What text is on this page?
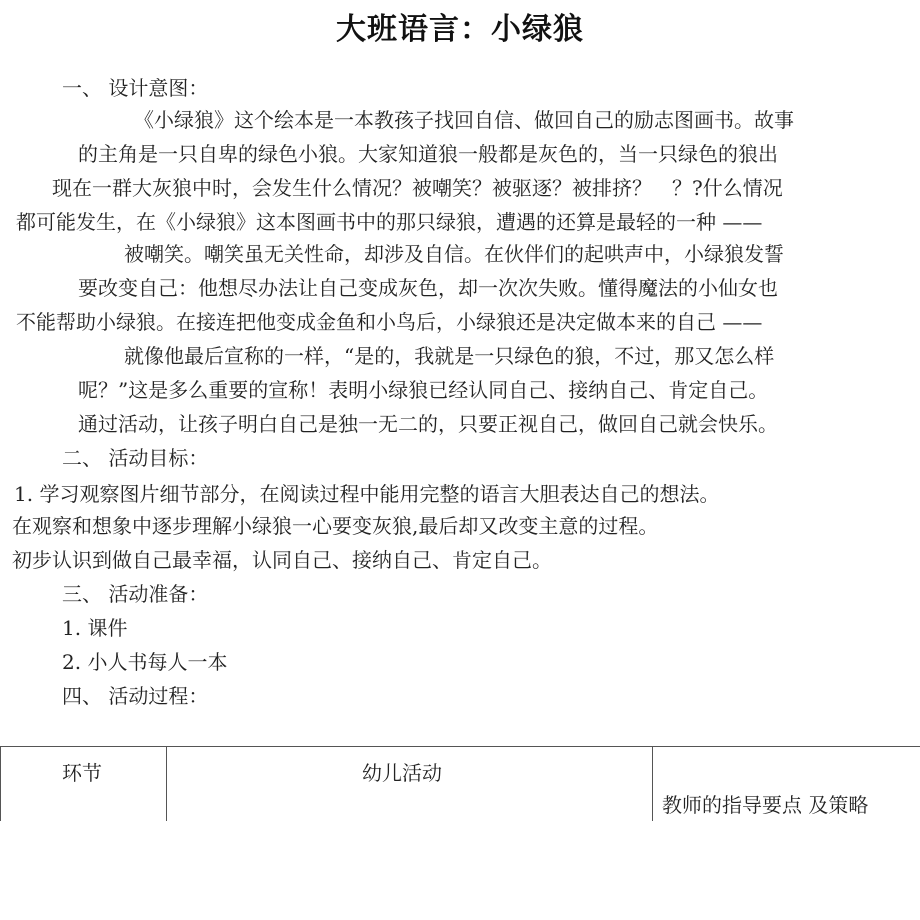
大班语言：小绿狼
一、 设计意图：
《小绿狼》这个绘本是一本教孩子找回自信、做回自己的励志图画书。故事
的主角是一只自卑的绿色小狼。大家知道狼一般都是灰色的，当一只绿色的狼出
现在一群大灰狼中时，会发生什么情况？被嘲笑？被驱逐？被排挤？　？?什么情况
都可能发生，在《小绿狼》这本图画书中的那只绿狼，遭遇的还算是最轻的一种 ——
被嘲笑。嘲笑虽无关性命，却涉及自信。在伙伴们的起哄声中，小绿狼发誓
要改变自己：他想尽办法让自己变成灰色，却一次次失败。懂得魔法的小仙女也
不能帮助小绿狼。在接连把他变成金鱼和小鸟后，小绿狼还是决定做本来的自己 ——
就像他最后宣称的一样，“是的，我就是一只绿色的狼，不过，那又怎么样
呢？”这是多么重要的宣称！表明小绿狼已经认同自己、接纳自己、肯定自己。
通过活动，让孩子明白自己是独一无二的，只要正视自己，做回自己就会快乐。
二、 活动目标：
1. 学习观察图片细节部分，在阅读过程中能用完整的语言大胆表达自己的想法。
在观察和想象中逐步理解小绿狼一心要变灰狼,最后却又改变主意的过程。
初步认识到做自己最幸福，认同自己、接纳自己、肯定自己。
三、 活动准备：
1. 课件
2. 小人书每人一本
四、 活动过程：
环节	幼儿活动
教师的指导要点 及策略
